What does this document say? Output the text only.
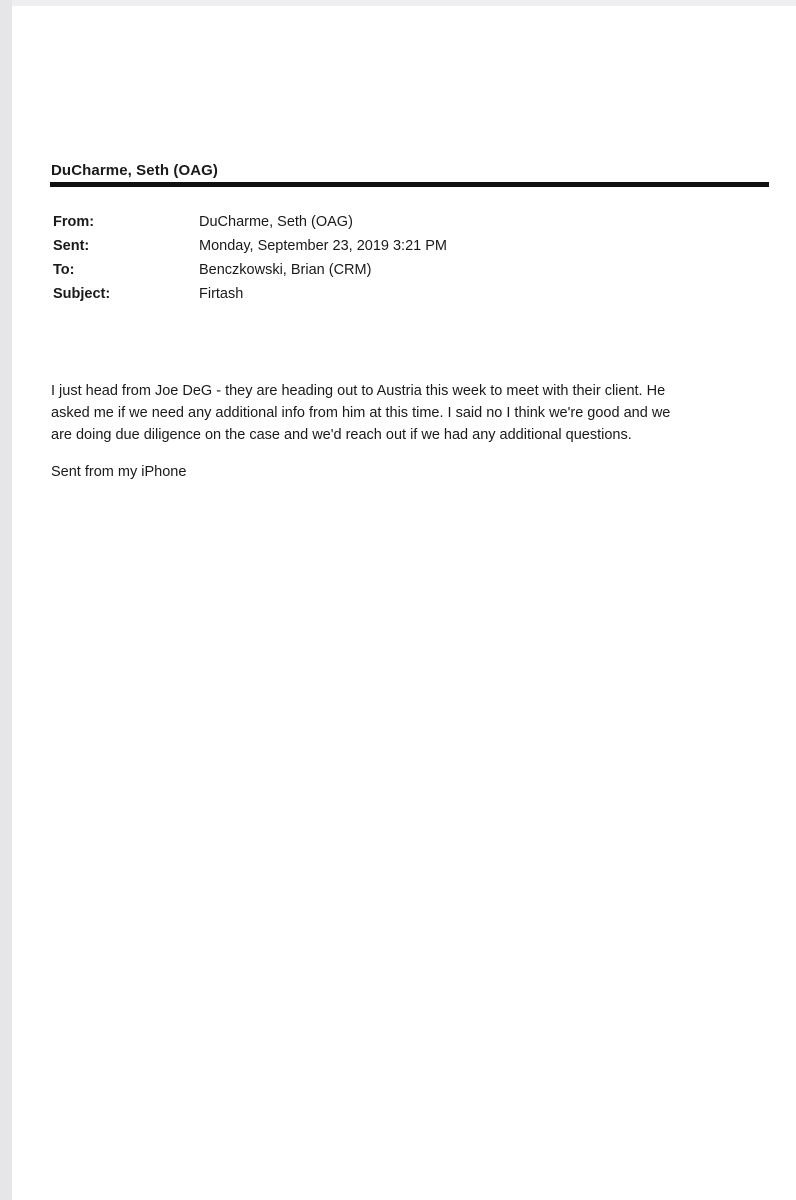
DuCharme, Seth (OAG)
From:	DuCharme, Seth (OAG)
Sent:	Monday, September 23, 2019 3:21 PM
To:	Benczkowski, Brian (CRM)
Subject:	Firtash
I just head from Joe DeG - they are heading out to Austria this week to meet with their client. He
asked me if we need any additional info from him at this time. I said no I think we're good and we
are doing due diligence on the case and we'd reach out if we had any additional questions.
Sent from my iPhone
